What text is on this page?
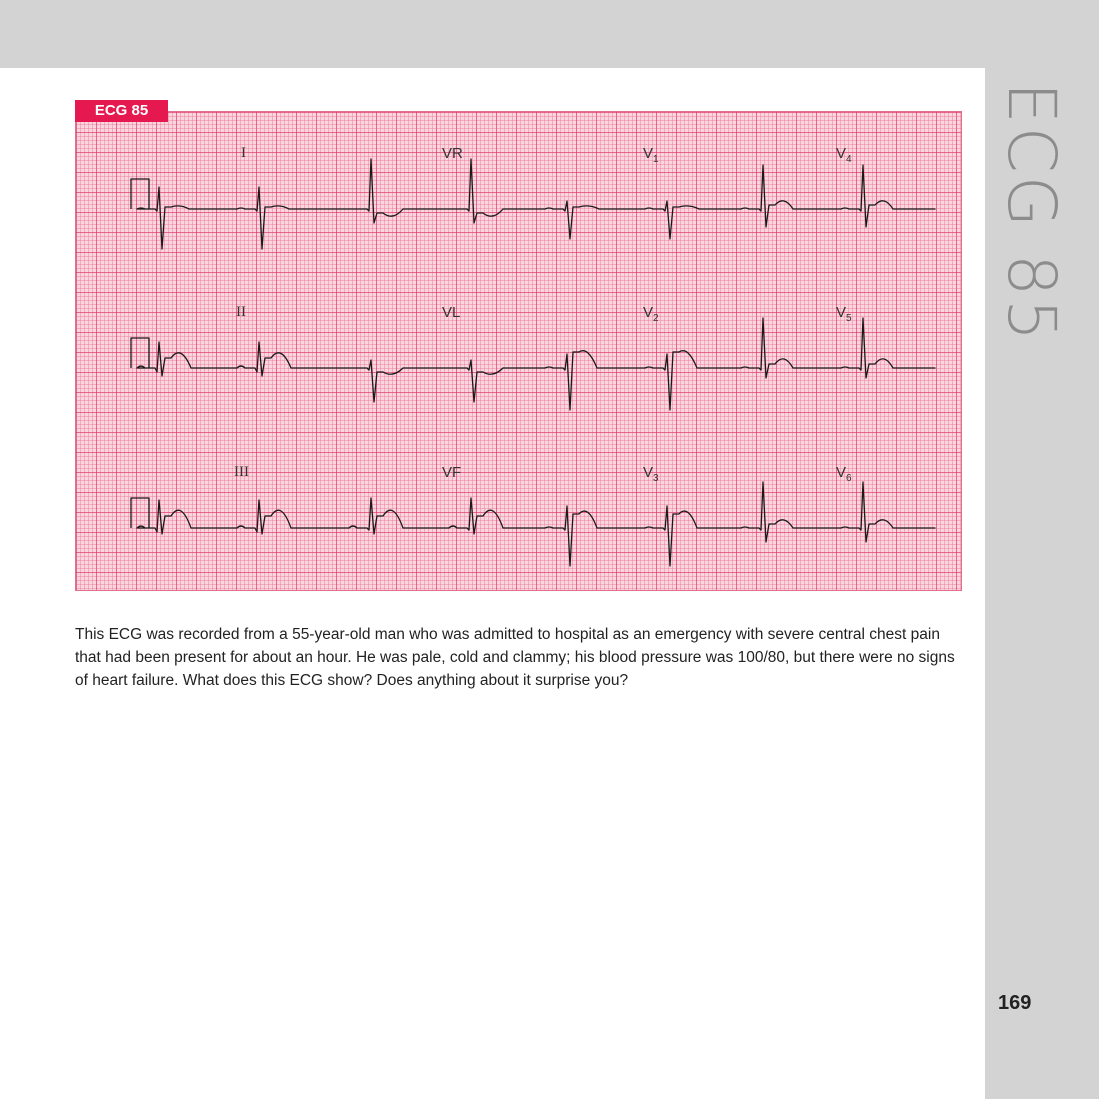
ECG 85
I	VR	$V_1$	$V_4$
II	VL	$V_2$	$V_5$
III	VF	$V_3$	$V_6$
ECG 85

This ECG was recorded from a 55-year-old man who was admitted to hospital as an emergency with severe central chest pain that had been present for about an hour. He was pale, cold and clammy; his blood pressure was 100/80, but there were no signs of heart failure. What does this ECG show? Does anything about it surprise you?

169
